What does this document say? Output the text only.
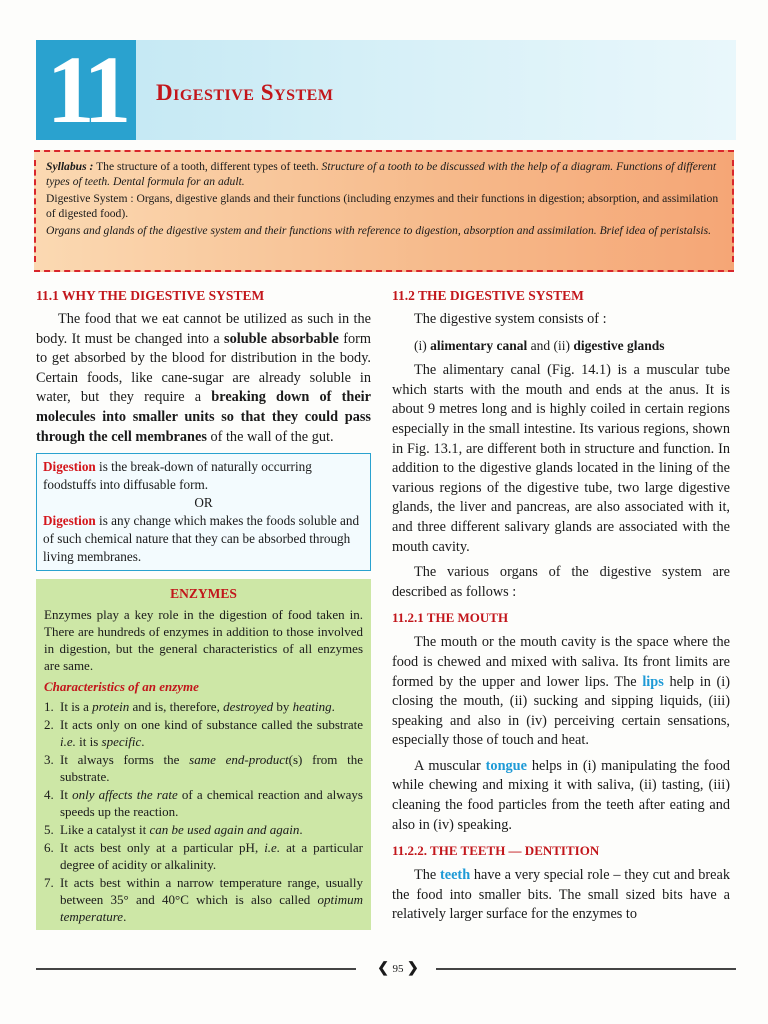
11	Digestive System

Syllabus : The structure of a tooth, different types of teeth. Structure of a tooth to be discussed with the help of a diagram. Functions of different types of teeth. Dental formula for an adult.

Digestive System : Organs, digestive glands and their functions (including enzymes and their functions in digestion; absorption, and assimilation of digested food).

Organs and glands of the digestive system and their functions with reference to digestion, absorption and assimilation. Brief idea of peristalsis.

11.1 WHY THE DIGESTIVE SYSTEM

The food that we eat cannot be utilized as such in the body. It must be changed into a soluble absorbable form to get absorbed by the blood for distribution in the body. Certain foods, like cane-sugar are already soluble in water, but they require a breaking down of their molecules into smaller units so that they could pass through the cell membranes of the wall of the gut.

Digestion is the break-down of naturally occurring foodstuffs into diffusable form.
OR
Digestion is any change which makes the foods soluble and of such chemical nature that they can be absorbed through living membranes.
ENZYMES
Enzymes play a key role in the digestion of food taken in. There are hundreds of enzymes in addition to those involved in digestion, but the general characteristics of all enzymes are same.
Characteristics of an enzyme
1. It is a protein and is, therefore, destroyed by heating.
2. It acts only on one kind of substance called the substrate i.e. it is specific.
3. It always forms the same end-product(s) from the substrate.
4. It only affects the rate of a chemical reaction and always speeds up the reaction.
5. Like a catalyst it can be used again and again.
6. It acts best only at a particular pH, i.e. at a particular degree of acidity or alkalinity.
7. It acts best within a narrow temperature range, usually between 35° and 40°C which is also called optimum temperature.
11.2 THE DIGESTIVE SYSTEM

The digestive system consists of :

(i) alimentary canal and (ii) digestive glands

The alimentary canal (Fig. 14.1) is a muscular tube which starts with the mouth and ends at the anus. It is about 9 metres long and is highly coiled in certain regions especially in the small intestine. Its various regions, shown in Fig. 13.1, are different both in structure and function. In addition to the digestive glands located in the lining of the various regions of the digestive tube, two large digestive glands, the liver and pancreas, are also associated with it, and three different salivary glands are associated with the mouth cavity.

The various organs of the digestive system are described as follows :

11.2.1 THE MOUTH

The mouth or the mouth cavity is the space where the food is chewed and mixed with saliva. Its front limits are formed by the upper and lower lips. The lips help in (i) closing the mouth, (ii) sucking and sipping liquids, (iii) speaking and also in (iv) perceiving certain sensations, especially those of touch and heat.

A muscular tongue helps in (i) manipulating the food while chewing and mixing it with saliva, (ii) tasting, (iii) cleaning the food particles from the teeth after eating and also in (iv) speaking.

11.2.2. THE TEETH — DENTITION

The teeth have a very special role – they cut and break the food into smaller bits. The small sized bits have a relatively larger surface for the enzymes to

❮ 95 ❯
